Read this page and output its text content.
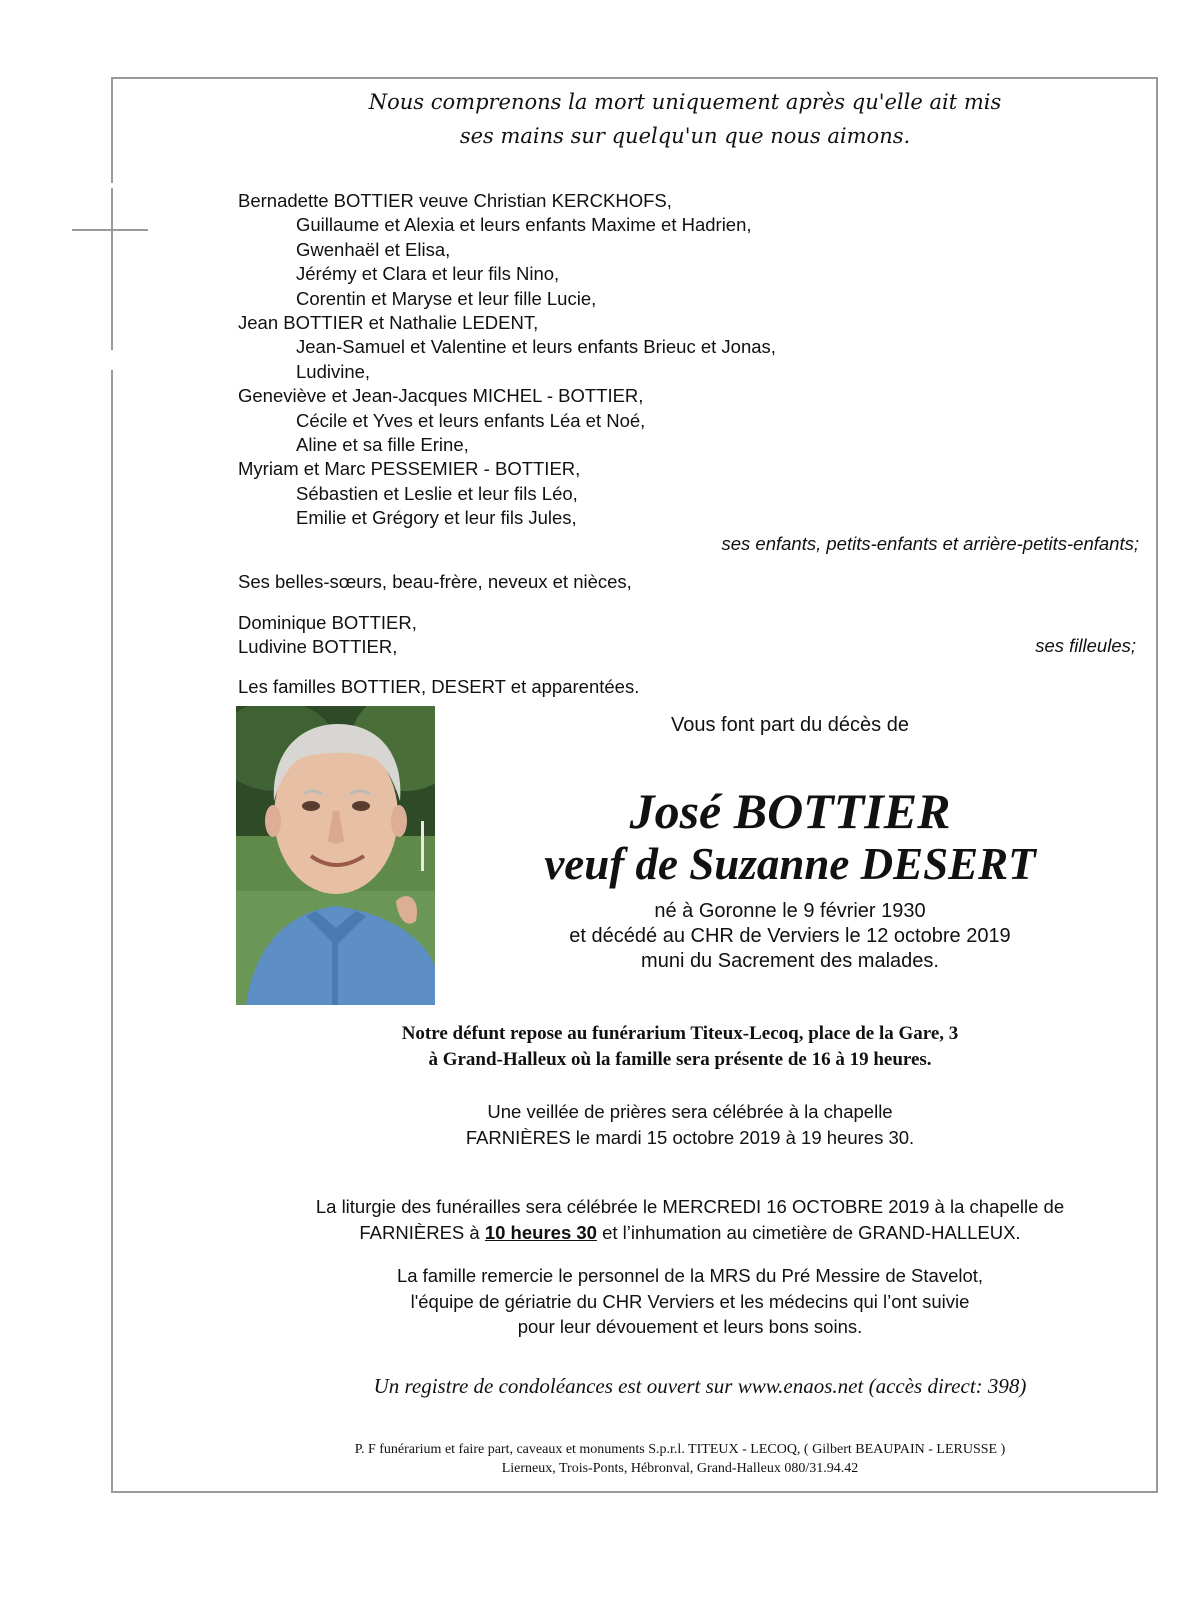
Nous comprenons la mort uniquement après qu'elle ait mis
ses mains sur quelqu'un que nous aimons.
Bernadette BOTTIER veuve Christian KERCKHOFS,
Guillaume et Alexia et leurs enfants Maxime et Hadrien,
Gwenhaël et Elisa,
Jérémy et Clara et leur fils Nino,
Corentin et Maryse et leur fille Lucie,
Jean BOTTIER et Nathalie LEDENT,
Jean-Samuel et Valentine et leurs enfants Brieuc et Jonas,
Ludivine,
Geneviève et Jean-Jacques MICHEL - BOTTIER,
Cécile et Yves et leurs enfants Léa et Noé,
Aline et sa fille Erine,
Myriam et Marc PESSEMIER - BOTTIER,
Sébastien et Leslie et leur fils Léo,
Emilie et Grégory et leur fils Jules,
ses enfants, petits-enfants et arrière-petits-enfants;
Ses belles-sœurs, beau-frère, neveux et nièces,
Dominique BOTTIER,
Ludivine BOTTIER,	ses filleules;
Les familles BOTTIER, DESERT et apparentées.
Vous font part du décès de
José BOTTIER
veuf de Suzanne DESERT
né à Goronne le 9 février 1930
et décédé au CHR de Verviers le 12 octobre 2019
muni du Sacrement des malades.
Notre défunt repose au funérarium Titeux-Lecoq, place de la Gare, 3
à Grand-Halleux où la famille sera présente de 16 à 19 heures.
Une veillée de prières sera célébrée à la chapelle
FARNIÈRES le mardi 15 octobre 2019 à 19 heures 30.
La liturgie des funérailles sera célébrée le MERCREDI 16 OCTOBRE 2019 à la chapelle de
FARNIÈRES à 10 heures 30 et l’inhumation au cimetière de GRAND-HALLEUX.
La famille remercie le personnel de la MRS du Pré Messire de Stavelot,
l'équipe de gériatrie du CHR Verviers et les médecins qui l’ont suivie
pour leur dévouement et leurs bons soins.
Un registre de condoléances est ouvert sur www.enaos.net (accès direct: 398)
P. F funérarium et faire part, caveaux et monuments S.p.r.l. TITEUX - LECOQ, ( Gilbert BEAUPAIN - LERUSSE )
Lierneux, Trois-Ponts, Hébronval, Grand-Halleux 080/31.94.42
